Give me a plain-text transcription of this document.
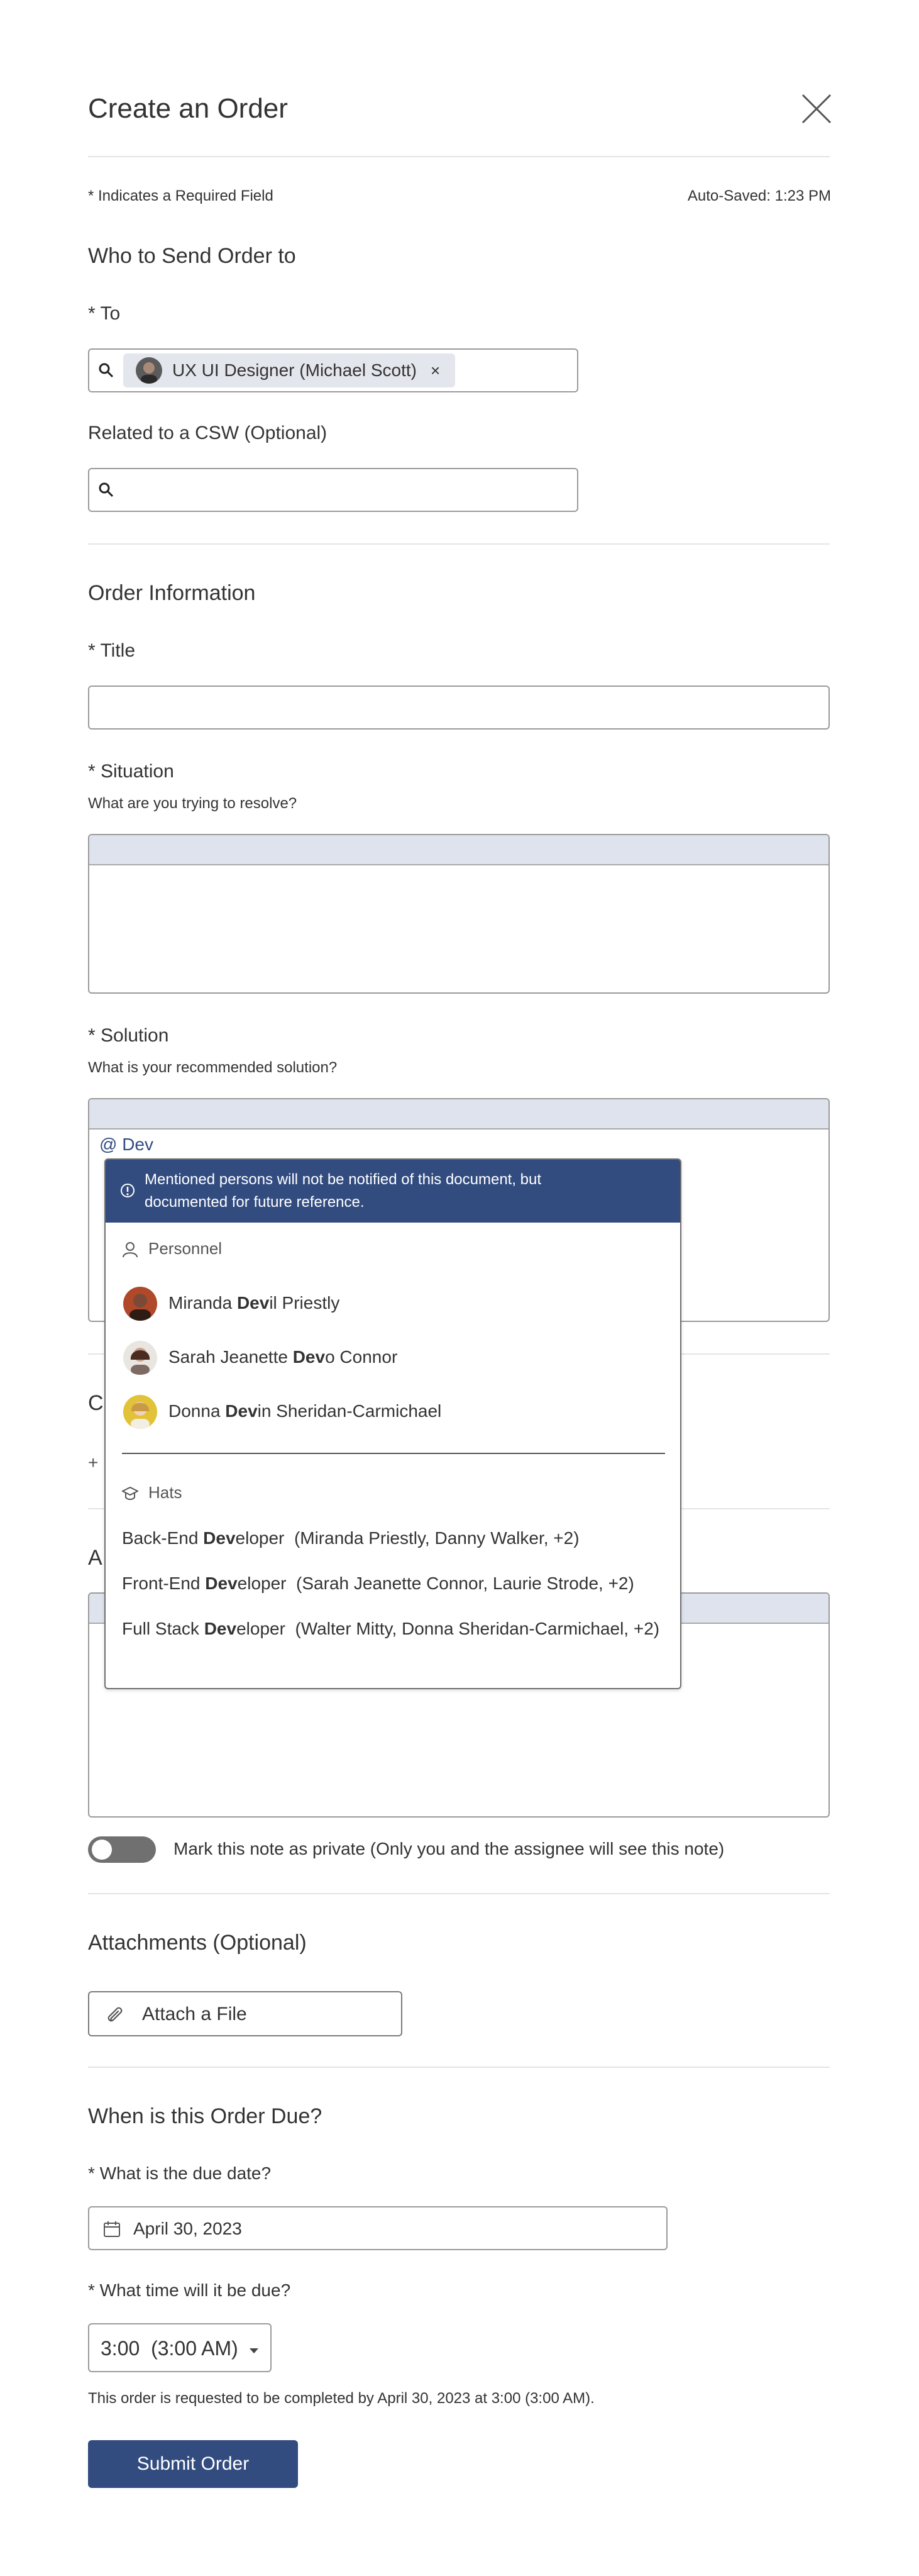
Create an Order
* Indicates a Required Field	Auto-Saved: 1:23 PM
Who to Send Order to
* To
UX UI Designer (Michael Scott) ×
Related to a CSW (Optional)
Order Information
* Title
* Situation
What are you trying to resolve?
* Solution
What is your recommended solution?
@ Dev
C
+
A
Mentioned persons will not be notified of this document, but documented for future reference.
Personnel
Miranda Devil Priestly
Sarah Jeanette Devo Connor
Donna Devin Sheridan-Carmichael
Hats
Back-End Developer  (Miranda Priestly, Danny Walker, +2)
Front-End Developer  (Sarah Jeanette Connor, Laurie Strode, +2)
Full Stack Developer  (Walter Mitty, Donna Sheridan-Carmichael, +2)
Mark this note as private (Only you and the assignee will see this note)
Attachments (Optional)
Attach a File
When is this Order Due?
* What is the due date?
April 30, 2023
* What time will it be due?
3:00  (3:00 AM)
This order is requested to be completed by April 30, 2023 at 3:00 (3:00 AM).
Submit Order
